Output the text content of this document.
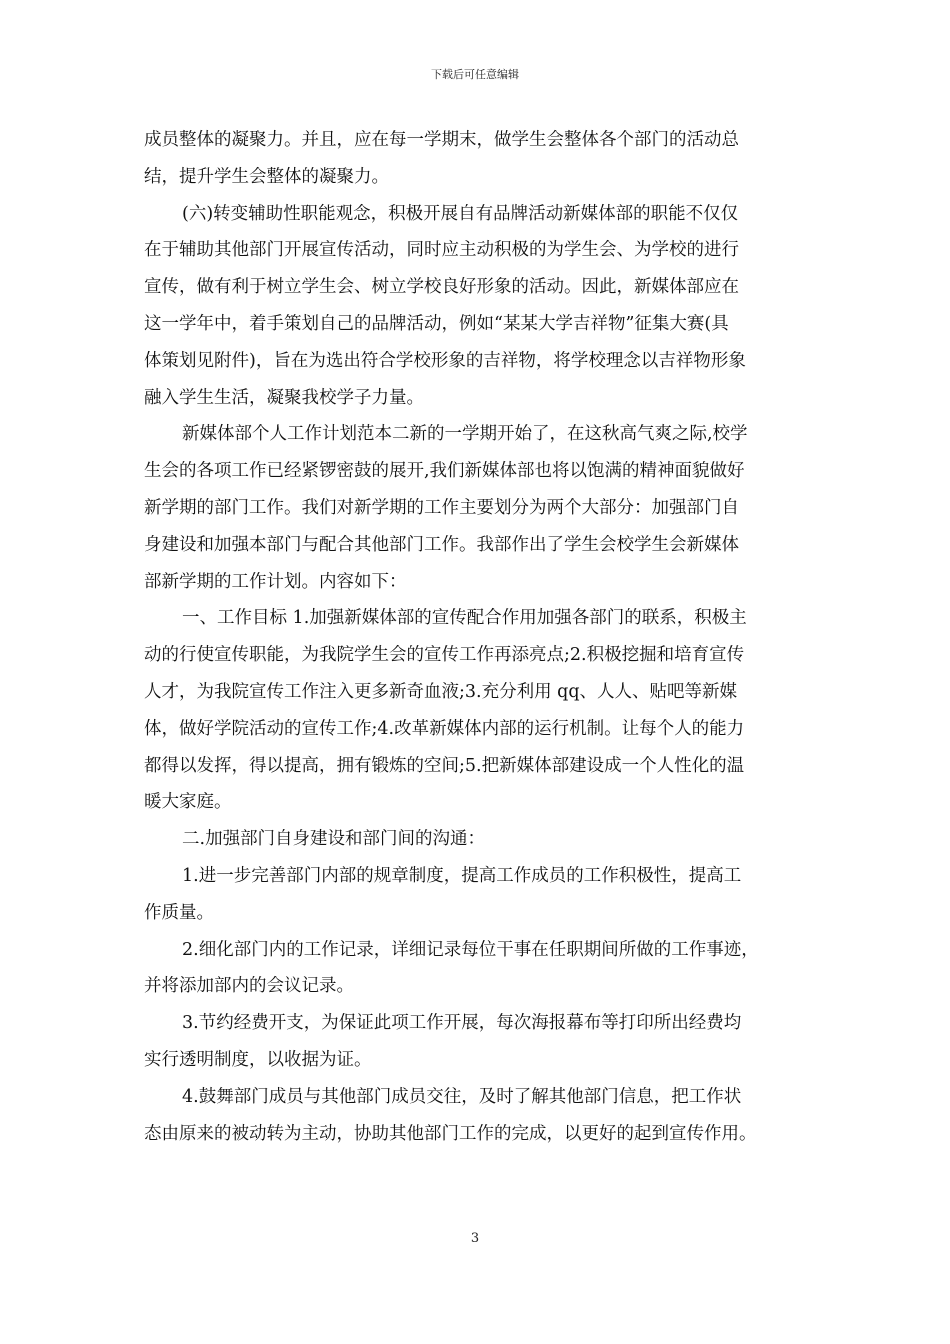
下载后可任意编辑
成员整体的凝聚力。并且，应在每一学期末，做学生会整体各个部门的活动总
结，提升学生会整体的凝聚力。
(六)转变辅助性职能观念，积极开展自有品牌活动新媒体部的职能不仅仅
在于辅助其他部门开展宣传活动，同时应主动积极的为学生会、为学校的进行
宣传，做有利于树立学生会、树立学校良好形象的活动。因此，新媒体部应在
这一学年中，着手策划自己的品牌活动，例如“某某大学吉祥物”征集大赛(具
体策划见附件)，旨在为选出符合学校形象的吉祥物，将学校理念以吉祥物形象
融入学生生活，凝聚我校学子力量。
新媒体部个人工作计划范本二新的一学期开始了，在这秋高气爽之际,校学
生会的各项工作已经紧锣密鼓的展开,我们新媒体部也将以饱满的精神面貌做好
新学期的部门工作。我们对新学期的工作主要划分为两个大部分：加强部门自
身建设和加强本部门与配合其他部门工作。我部作出了学生会校学生会新媒体
部新学期的工作计划。内容如下：
一、工作目标 1.加强新媒体部的宣传配合作用加强各部门的联系，积极主
动的行使宣传职能，为我院学生会的宣传工作再添亮点;2.积极挖掘和培育宣传
人才，为我院宣传工作注入更多新奇血液;3.充分利用 qq、人人、贴吧等新媒
体，做好学院活动的宣传工作;4.改革新媒体内部的运行机制。让每个人的能力
都得以发挥，得以提高，拥有锻炼的空间;5.把新媒体部建设成一个人性化的温
暖大家庭。
二.加强部门自身建设和部门间的沟通：
1.进一步完善部门内部的规章制度，提高工作成员的工作积极性，提高工
作质量。
2.细化部门内的工作记录，详细记录每位干事在任职期间所做的工作事迹，
并将添加部内的会议记录。
3.节约经费开支，为保证此项工作开展，每次海报幕布等打印所出经费均
实行透明制度，以收据为证。
4.鼓舞部门成员与其他部门成员交往，及时了解其他部门信息，把工作状
态由原来的被动转为主动，协助其他部门工作的完成，以更好的起到宣传作用。
3
